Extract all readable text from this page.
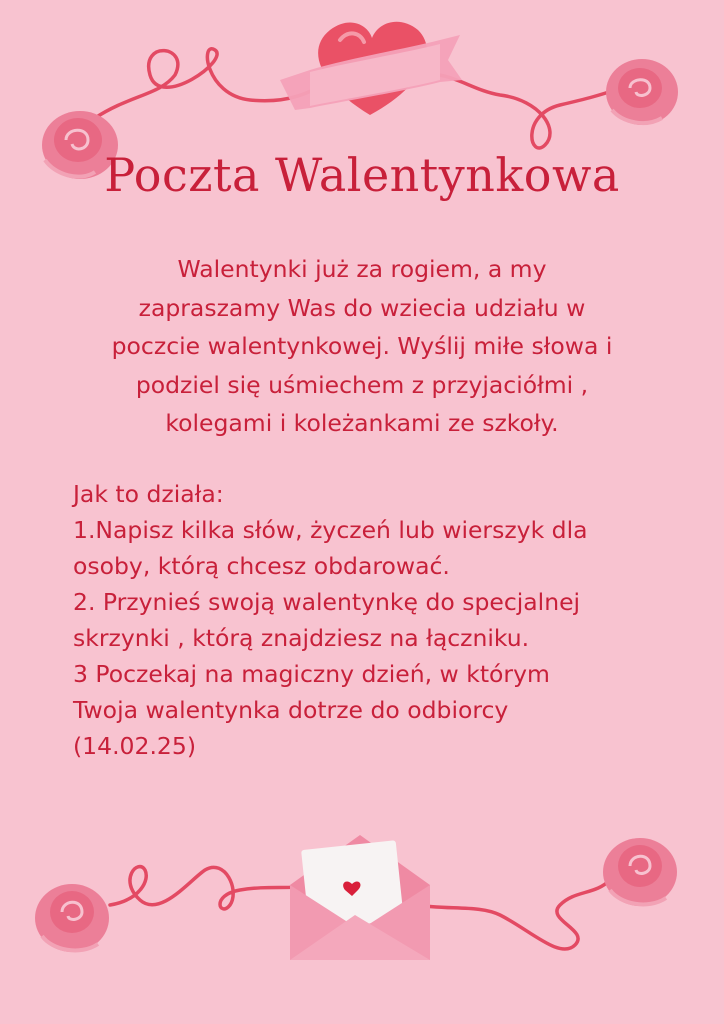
Poczta Walentynkowa
Walentynki już za rogiem, a my
zapraszamy Was do wziecia udziału w
poczcie walentynkowej. Wyślij miłe słowa i
podziel się uśmiechem z przyjaciółmi ,
kolegami i koleżankami ze szkoły.
Jak to działa:
1.Napisz kilka słów, życzeń lub wierszyk dla
osoby, którą chcesz obdarować.
2. Przynieś swoją walentynkę do specjalnej
skrzynki , którą znajdziesz na łączniku.
3 Poczekaj na magiczny dzień, w którym
Twoja walentynka dotrze do odbiorcy
(14.02.25)
